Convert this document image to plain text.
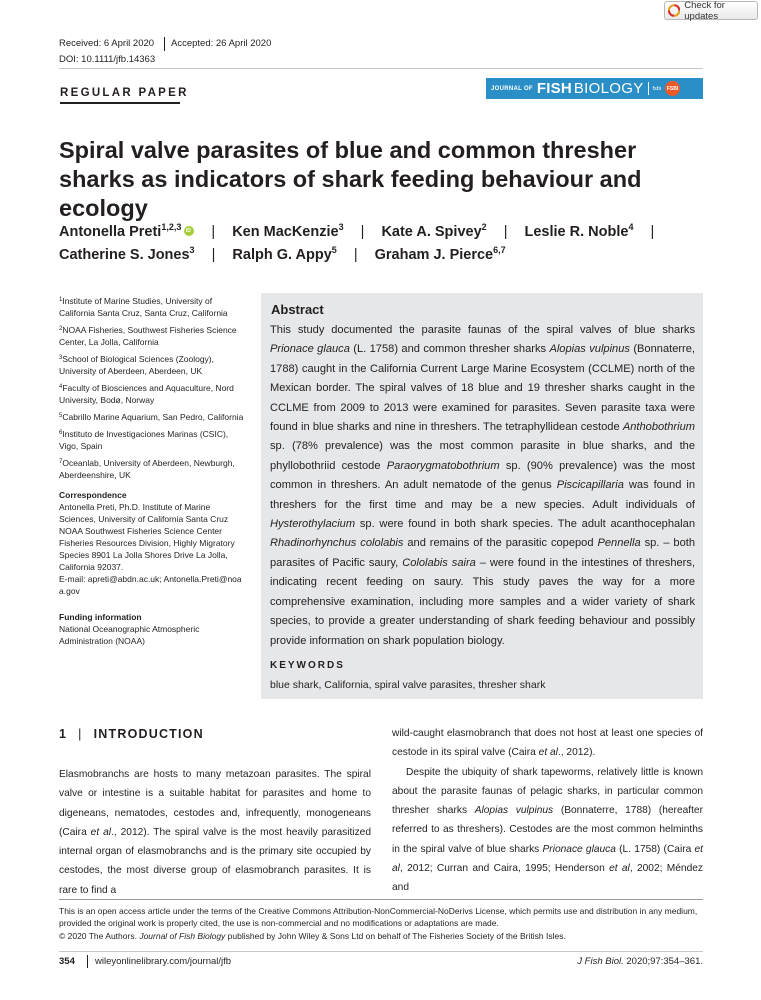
Check for updates
Received: 6 April 2020 Accepted: 26 April 2020
DOI: 10.1111/jfb.14363
REGULAR PAPER	JOURNAL OF FISH BIOLOGY fsbi	FSBI
Spiral valve parasites of blue and common thresher sharks as indicators of shark feeding behaviour and ecology
Antonella Preti$^{1,2,3}$iD | Ken MacKenzie$^3$ | Kate A. Spivey$^2$ | Leslie R. Noble$^4$ |
Catherine S. Jones$^3$ | Ralph G. Appy$^5$ | Graham J. Pierce$^{6,7}$
$^1$Institute of Marine Studies, University of California Santa Cruz, Santa Cruz, California
$^2$NOAA Fisheries, Southwest Fisheries Science Center, La Jolla, California
$^3$School of Biological Sciences (Zoology), University of Aberdeen, Aberdeen, UK
$^4$Faculty of Biosciences and Aquaculture, Nord University, Bodø, Norway
$^5$Cabrillo Marine Aquarium, San Pedro, California
$^6$Instituto de Investigaciones Marinas (CSIC), Vigo, Spain
$^7$Oceanlab, University of Aberdeen, Newburgh, Aberdeenshire, UK
Correspondence
Antonella Preti, Ph.D. Institute of Marine Sciences, University of California Santa Cruz NOAA Southwest Fisheries Science Center Fisheries Resources Division, Highly Migratory Species 8901 La Jolla Shores Drive La Jolla, California 92037.
E-mail: apreti@abdn.ac.uk; Antonella.Preti@noaa.gov
Funding information
National Oceanographic Atmospheric Administration (NOAA)
Abstract
This study documented the parasite faunas of the spiral valves of blue sharks Prionace glauca (L. 1758) and common thresher sharks Alopias vulpinus (Bonnaterre, 1788) caught in the California Current Large Marine Ecosystem (CCLME) north of the Mexican border. The spiral valves of 18 blue and 19 thresher sharks caught in the CCLME from 2009 to 2013 were examined for parasites. Seven parasite taxa were found in blue sharks and nine in threshers. The tetraphyllidean cestode Anthobothrium sp. (78% prevalence) was the most common parasite in blue sharks, and the phyllobothriid cestode Paraorygmatobothrium sp. (90% prevalence) was the most common in threshers. An adult nematode of the genus Piscicapillaria was found in threshers for the first time and may be a new species. Adult individuals of Hysterothylacium sp. were found in both shark species. The adult acanthocephalan Rhadinorhynchus cololabis and remains of the parasitic copepod Pennella sp. – both parasites of Pacific saury, Cololabis saira – were found in the intestines of threshers, indicating recent feeding on saury. This study paves the way for a more comprehensive examination, including more samples and a wider variety of shark species, to provide a greater understanding of shark feeding behaviour and possibly provide information on shark population biology.
KEYWORDS
blue shark, California, spiral valve parasites, thresher shark
1 | INTRODUCTION
Elasmobranchs are hosts to many metazoan parasites. The spiral valve or intestine is a suitable habitat for parasites and home to digeneans, nematodes, cestodes and, infrequently, monogeneans (Caira et al., 2012). The spiral valve is the most heavily parasitized internal organ of elasmobranchs and is the primary site occupied by cestodes, the most diverse group of elasmobranch parasites. It is rare to find a

wild-caught elasmobranch that does not host at least one species of cestode in its spiral valve (Caira et al., 2012).

Despite the ubiquity of shark tapeworms, relatively little is known about the parasite faunas of pelagic sharks, in particular common thresher sharks Alopias vulpinus (Bonnaterre, 1788) (hereafter referred to as threshers). Cestodes are the most common helminths in the spiral valve of blue sharks Prionace glauca (L. 1758) (Caira et al, 2012; Curran and Caira, 1995; Henderson et al, 2002; Méndez and

This is an open access article under the terms of the Creative Commons Attribution-NonCommercial-NoDerivs License, which permits use and distribution in any medium, provided the original work is properly cited, the use is non-commercial and no modifications or adaptations are made.
© 2020 The Authors. Journal of Fish Biology published by John Wiley & Sons Ltd on behalf of The Fisheries Society of the British Isles.
354 wileyonlinelibrary.com/journal/jfb	J Fish Biol. 2020;97:354–361.
